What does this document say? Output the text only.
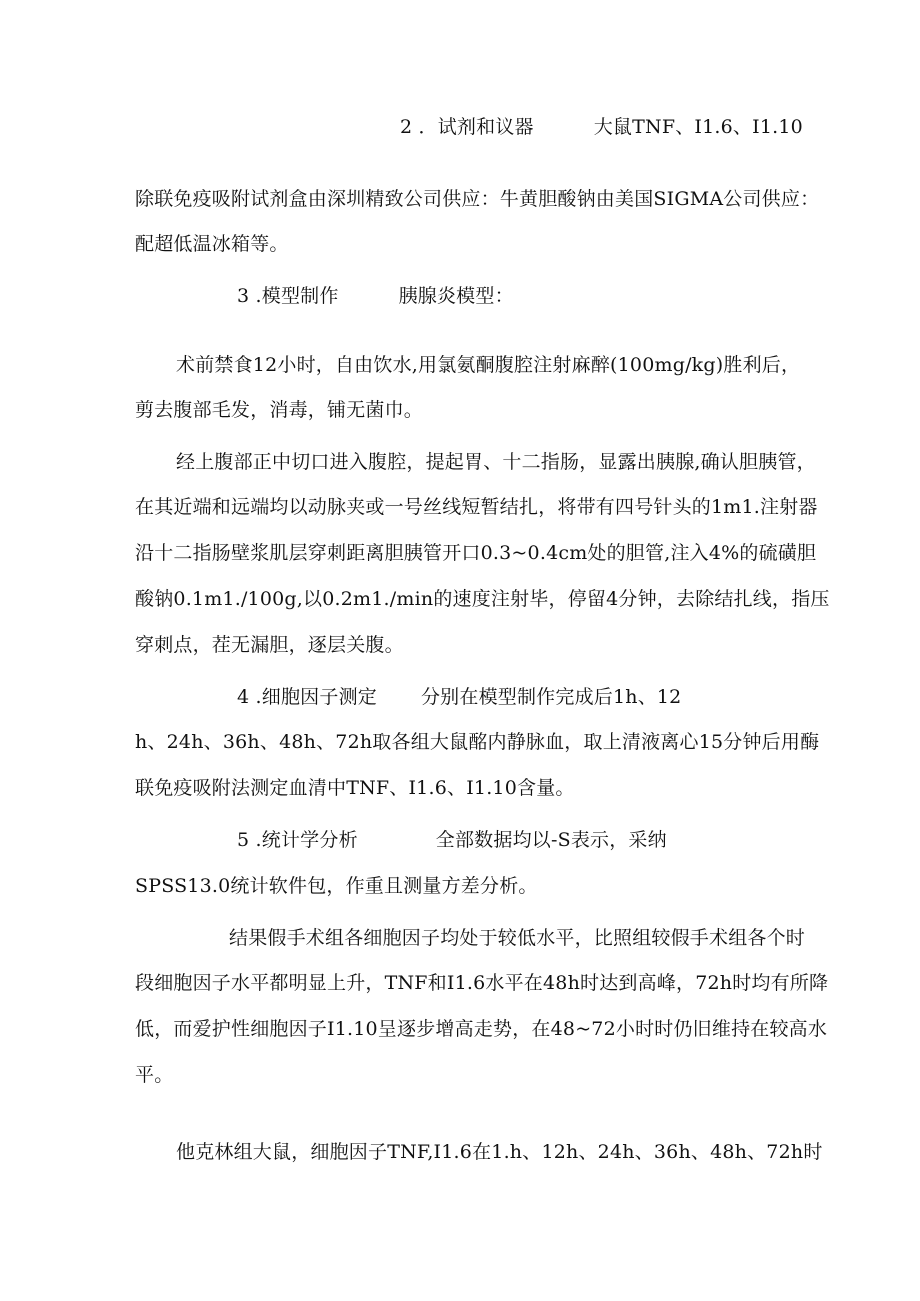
2 ．试剂和议器	大鼠TNF、I1.6、I1.10
除联免疫吸附试剂盒由深圳精致公司供应：牛黄胆酸钠由美国SIGMA公司供应：
配超低温冰箱等。
3 .模型制作	胰腺炎模型：
术前禁食12小时，自由饮水,用氯氨酮腹腔注射麻醉(100mg/kg)胜利后，
剪去腹部毛发，消毒，铺无菌巾。
经上腹部正中切口进入腹腔，提起胃、十二指肠，显露出胰腺,确认胆胰管，
在其近端和远端均以动脉夹或一号丝线短暂结扎，将带有四号针头的1m1.注射器
沿十二指肠壁浆肌层穿刺距离胆胰管开口0.3~0.4cm处的胆管,注入4%的硫磺胆
酸钠0.1m1./100g,以0.2m1./min的速度注射毕，停留4分钟，去除结扎线，指压
穿刺点，茬无漏胆，逐层关腹。
4 .细胞因子测定 分别在模型制作完成后1h、12
h、24h、36h、48h、72h取各组大鼠酩内静脉血，取上清液离心15分钟后用酶
联免疫吸附法测定血清中TNF、I1.6、I1.10含量。
5 .统计学分析	全部数据均以-S表示，采纳
SPSS13.0统计软件包，作重且测量方差分析。
结果假手术组各细胞因子均处于较低水平，比照组较假手术组各个时
段细胞因子水平都明显上升，TNF和I1.6水平在48h时达到高峰，72h时均有所降
低，而爱护性细胞因子I1.10呈逐步增高走势，在48~72小时时仍旧维持在较高水
平。
他克林组大鼠，细胞因子TNF,I1.6在1.h、12h、24h、36h、48h、72h时
